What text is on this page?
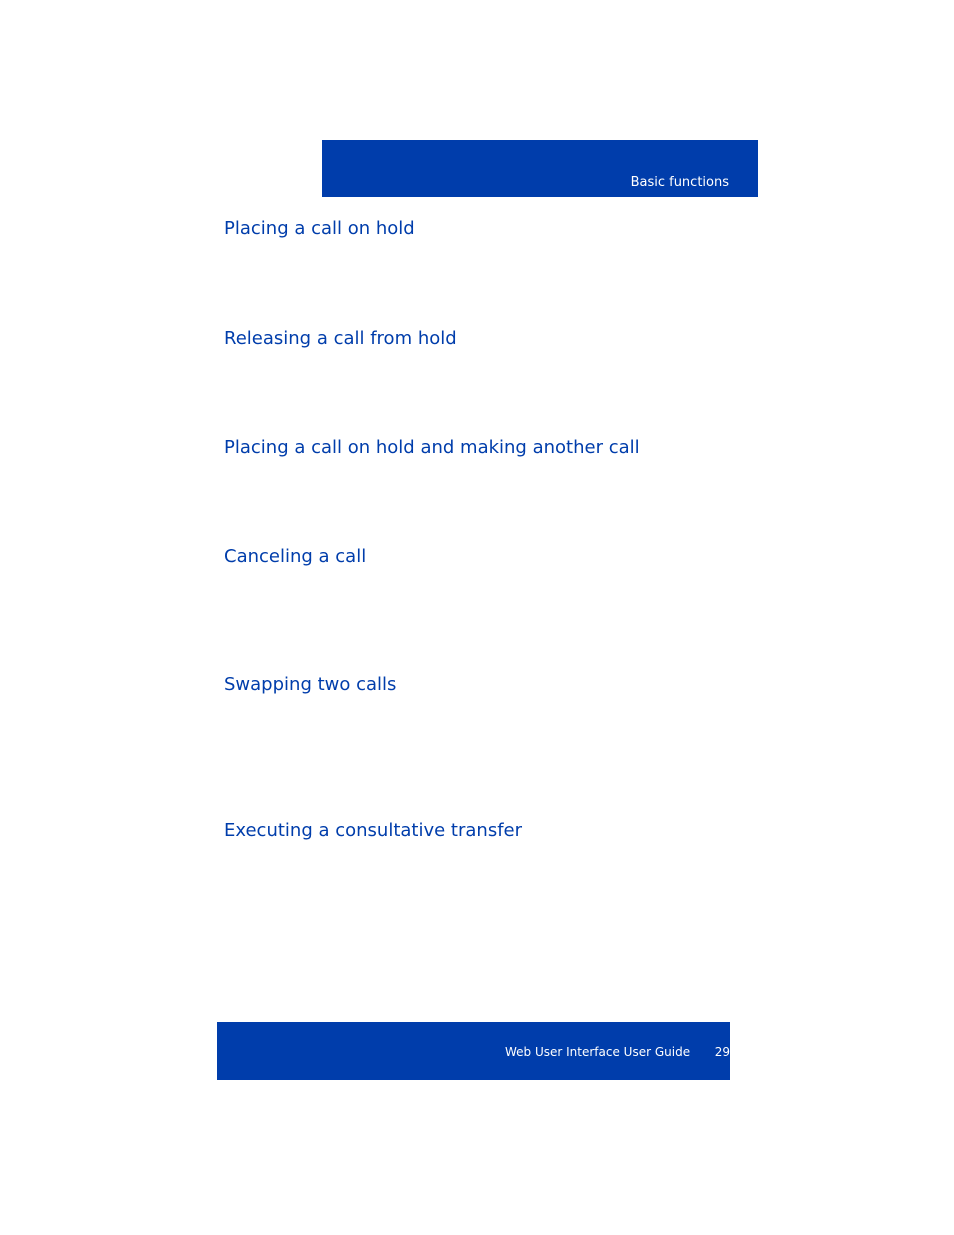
Basic functions
Placing a call on hold
Releasing a call from hold
Placing a call on hold and making another call
Canceling a call
Swapping two calls
Executing a consultative transfer
Web User Interface User Guide 29
